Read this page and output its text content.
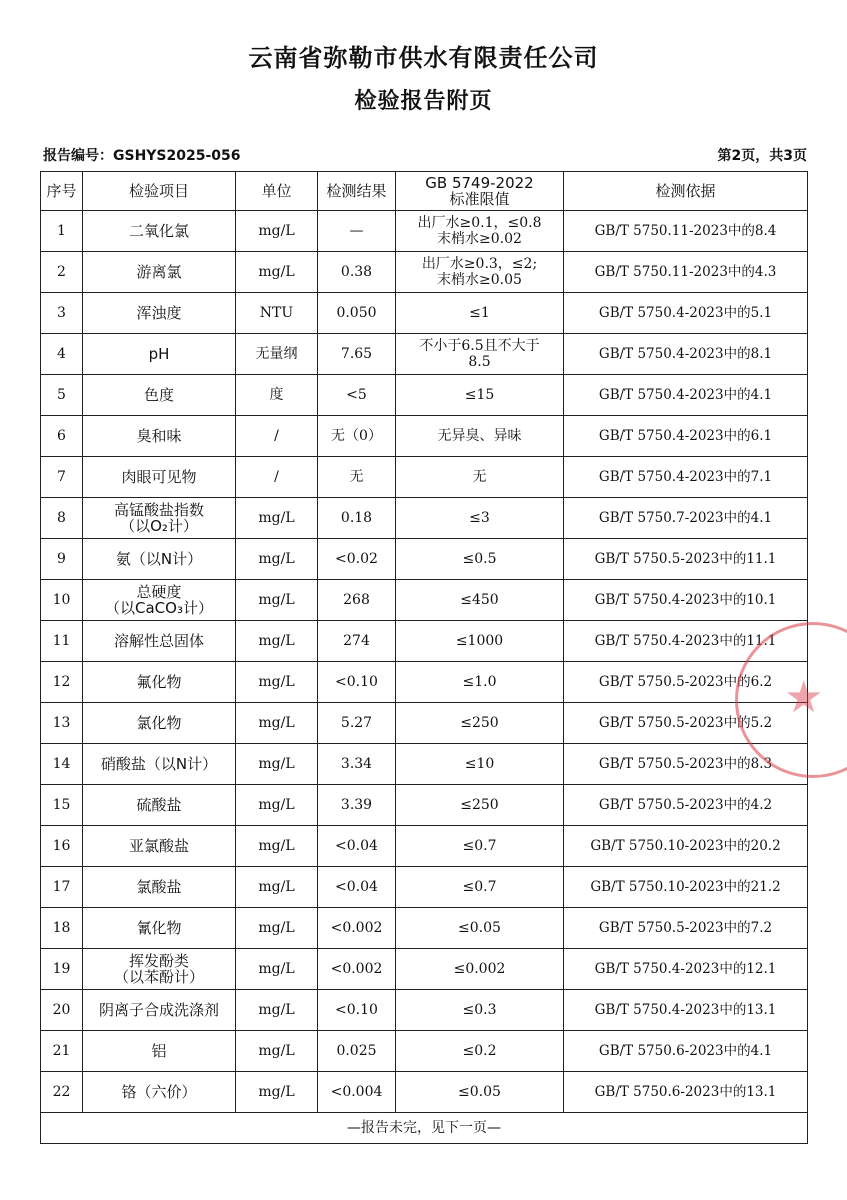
云南省弥勒市供水有限责任公司
检验报告附页
报告编号：GSHYS2025-056	第2页，共3页
序号	检验项目	单位	检测结果	GB 5749-2022
标准限值	检测依据
1	二氧化氯	mg/L	—	出厂水≥0.1，≤0.8
末梢水≥0.02	GB/T 5750.11-2023中的8.4
2	游离氯	mg/L	0.38	出厂水≥0.3，≤2;
末梢水≥0.05	GB/T 5750.11-2023中的4.3
3	浑浊度	NTU	0.050	≤1	GB/T 5750.4-2023中的5.1
4	pH	无量纲	7.65	不小于6.5且不大于
8.5	GB/T 5750.4-2023中的8.1
5	色度	度	<5	≤15	GB/T 5750.4-2023中的4.1
6	臭和味	/	无（0）	无异臭、异味	GB/T 5750.4-2023中的6.1
7	肉眼可见物	/	无	无	GB/T 5750.4-2023中的7.1
8	高锰酸盐指数
（以O₂计）	mg/L	0.18	≤3	GB/T 5750.7-2023中的4.1
9	氨（以N计）	mg/L	<0.02	≤0.5	GB/T 5750.5-2023中的11.1
10	总硬度
（以CaCO₃计）	mg/L	268	≤450	GB/T 5750.4-2023中的10.1
11	溶解性总固体	mg/L	274	≤1000	GB/T 5750.4-2023中的11.1
12	氟化物	mg/L	<0.10	≤1.0	GB/T 5750.5-2023中的6.2
13	氯化物	mg/L	5.27	≤250	GB/T 5750.5-2023中的5.2
14	硝酸盐（以N计）	mg/L	3.34	≤10	GB/T 5750.5-2023中的8.3
15	硫酸盐	mg/L	3.39	≤250	GB/T 5750.5-2023中的4.2
16	亚氯酸盐	mg/L	<0.04	≤0.7	GB/T 5750.10-2023中的20.2
17	氯酸盐	mg/L	<0.04	≤0.7	GB/T 5750.10-2023中的21.2
18	氰化物	mg/L	<0.002	≤0.05	GB/T 5750.5-2023中的7.2
19	挥发酚类
（以苯酚计）	mg/L	<0.002	≤0.002	GB/T 5750.4-2023中的12.1
20	阴离子合成洗涤剂	mg/L	<0.10	≤0.3	GB/T 5750.4-2023中的13.1
21	铝	mg/L	0.025	≤0.2	GB/T 5750.6-2023中的4.1
22	铬（六价）	mg/L	<0.004	≤0.05	GB/T 5750.6-2023中的13.1
—报告未完，见下一页—					
★
